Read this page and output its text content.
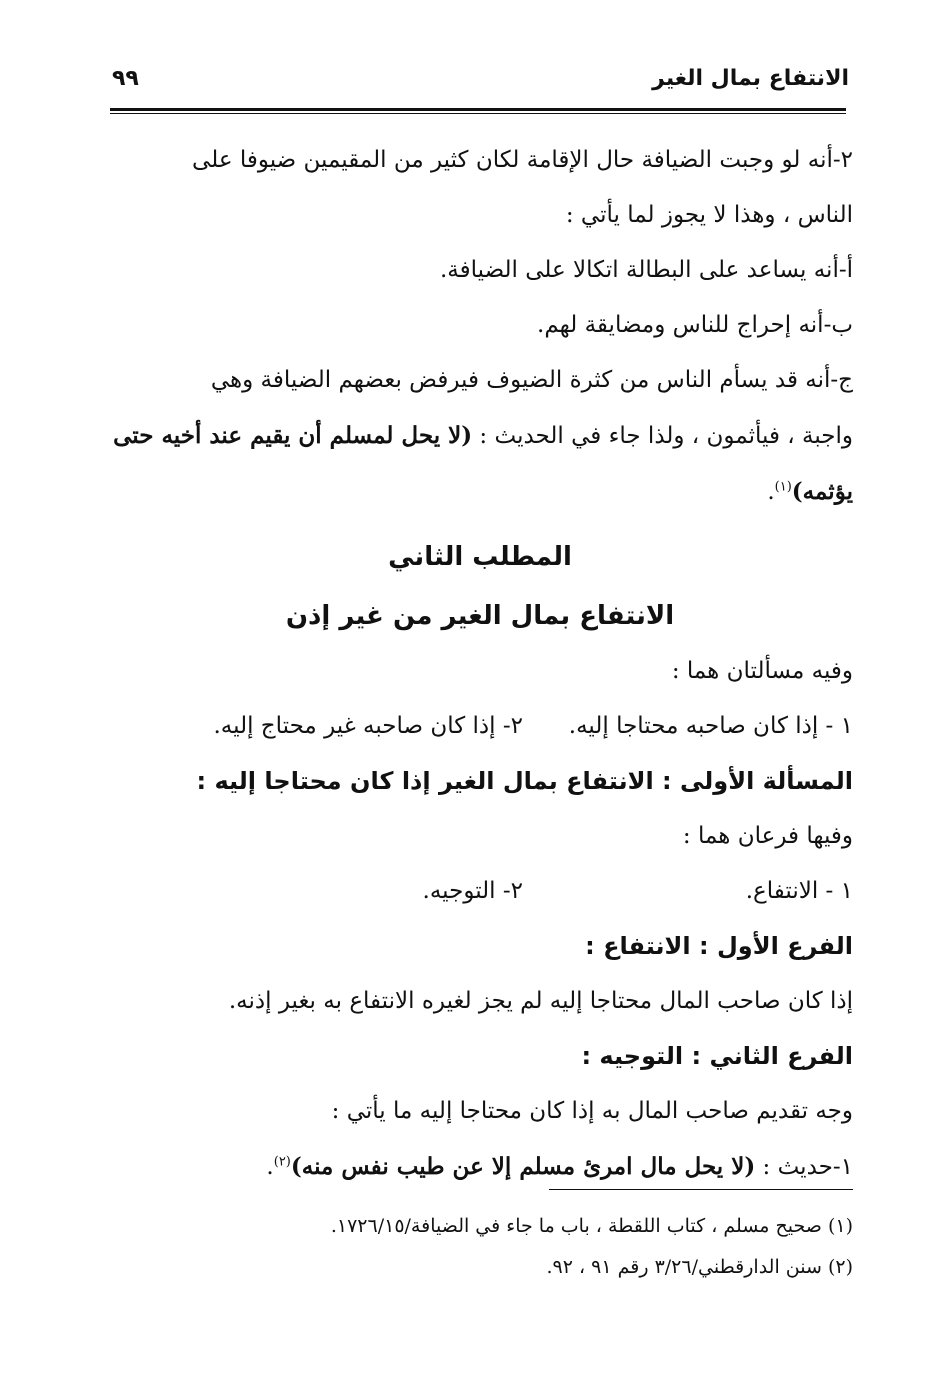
الانتفاع بمال الغير
٩٩

٢-أنه لو وجبت الضيافة حال الإقامة لكان كثير من المقيمين ضيوفا على

الناس ، وهذا لا يجوز لما يأتي :

أ-أنه يساعد على البطالة اتكالا على الضيافة.

ب-أنه إحراج للناس ومضايقة لهم.

ج-أنه قد يسأم الناس من كثرة الضيوف فيرفض بعضهم الضيافة وهي

واجبة ، فيأثمون ، ولذا جاء في الحديث : (لا يحل لمسلم أن يقيم عند أخيه حتى

يؤثمه)$^{(١)}$.

المطلب الثاني

الانتفاع بمال الغير من غير إذن

وفيه مسألتان هما :

١ - إذا كان صاحبه محتاجا إليه.
٢- إذا كان صاحبه غير محتاج إليه.

المسألة الأولى : الانتفاع بمال الغير إذا كان محتاجا إليه :

وفيها فرعان هما :

١ - الانتفاع.
٢- التوجيه.

الفرع الأول : الانتفاع :

إذا كان صاحب المال محتاجا إليه لم يجز لغيره الانتفاع به بغير إذنه.

الفرع الثاني : التوجيه :

وجه تقديم صاحب المال به إذا كان محتاجا إليه ما يأتي :

١-حديث : (لا يحل مال امرئ مسلم إلا عن طيب نفس منه)$^{(٢)}$.

(١) صحيح مسلم ، كتاب اللقطة ، باب ما جاء في الضيافة/١٧٢٦/١٥.

(٢) سنن الدارقطني/٣/٢٦ رقم ٩١ ، ٩٢.
